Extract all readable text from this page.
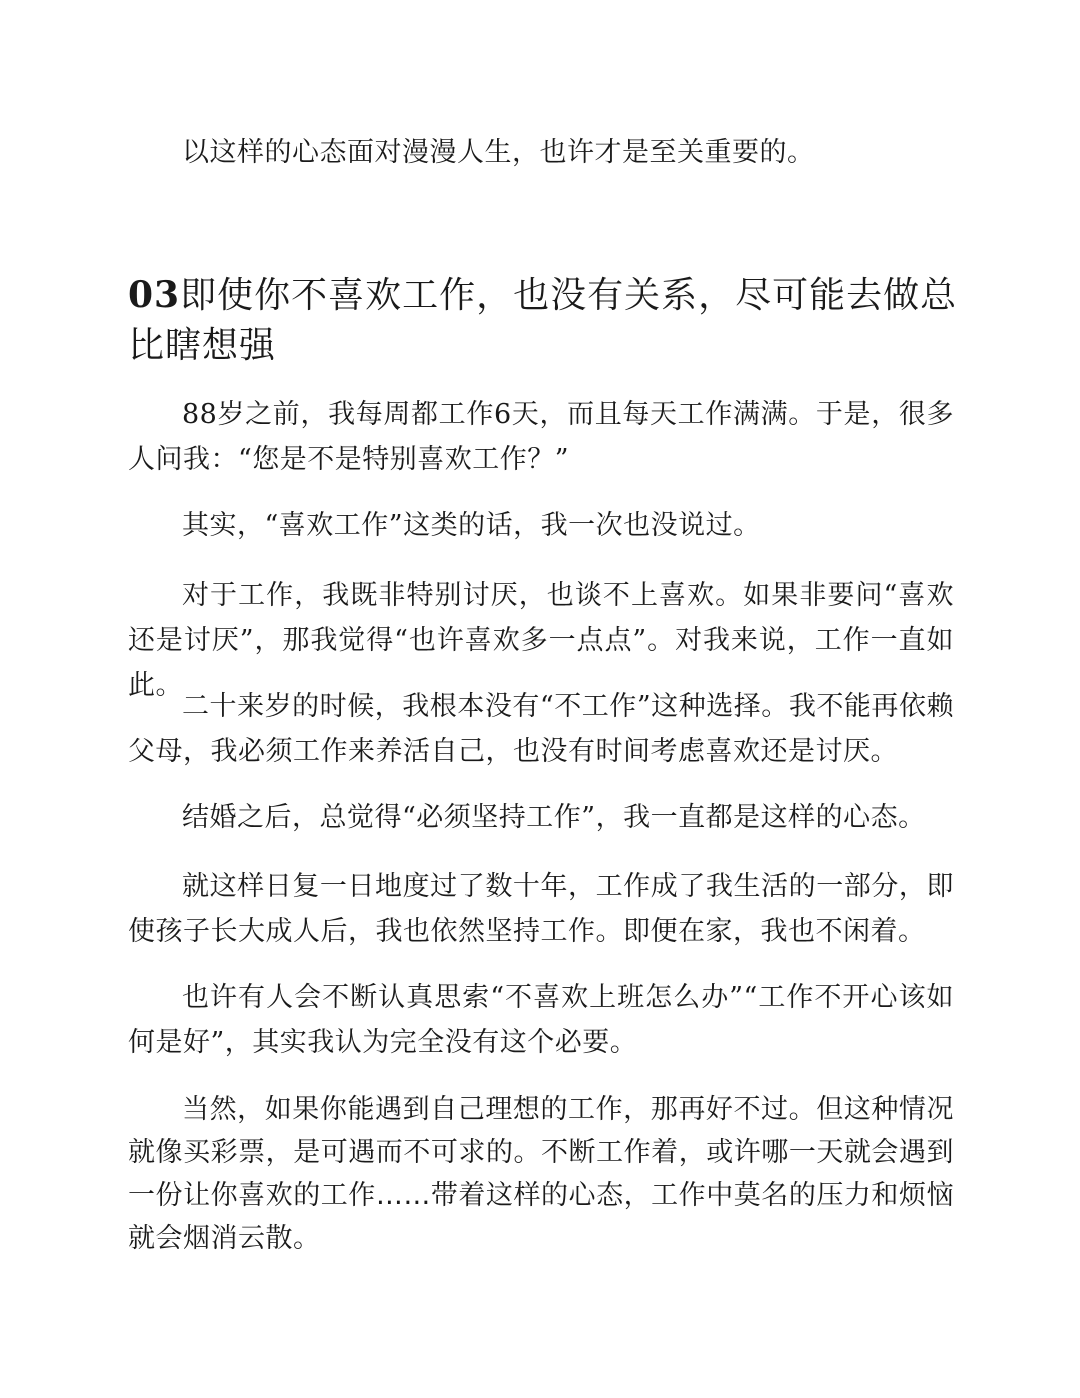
以这样的心态面对漫漫人生，也许才是至关重要的。

03即使你不喜欢工作，也没有关系，尽可能去做总比瞎想强

88岁之前，我每周都工作6天，而且每天工作满满。于是，很多人问我：“您是不是特别喜欢工作？”

其实，“喜欢工作”这类的话，我一次也没说过。

对于工作，我既非特别讨厌，也谈不上喜欢。如果非要问“喜欢还是讨厌”，那我觉得“也许喜欢多一点点”。对我来说，工作一直如此。

二十来岁的时候，我根本没有“不工作”这种选择。我不能再依赖父母，我必须工作来养活自己，也没有时间考虑喜欢还是讨厌。

结婚之后，总觉得“必须坚持工作”，我一直都是这样的心态。

就这样日复一日地度过了数十年，工作成了我生活的一部分，即使孩子长大成人后，我也依然坚持工作。即便在家，我也不闲着。

也许有人会不断认真思索“不喜欢上班怎么办”“工作不开心该如何是好”，其实我认为完全没有这个必要。

当然，如果你能遇到自己理想的工作，那再好不过。但这种情况就像买彩票，是可遇而不可求的。不断工作着，或许哪一天就会遇到一份让你喜欢的工作……带着这样的心态，工作中莫名的压力和烦恼就会烟消云散。
